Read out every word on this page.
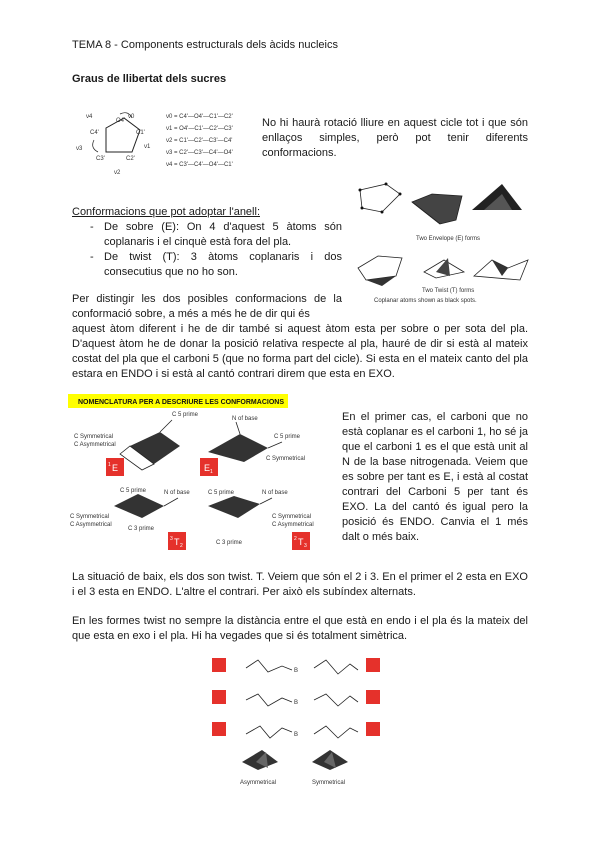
TEMA 8 - Components estructurals dels àcids nucleics
Graus de llibertat dels sucres
ν4	ν0
O4'
C4'	C1'
ν3	ν1
C3'	C2'
ν2
ν0 = C4'—O4'—C1'—C2'
ν1 = O4'—C1'—C2'—C3'
ν2 = C1'—C2'—C3'—C4'
ν3 = C2'—C3'—C4'—O4'
ν4 = C3'—C4'—O4'—C1'
No hi haurà rotació lliure en aquest cicle tot i que són enllaços simples, però pot tenir diferents conformacions.
Conformacions que pot adoptar l'anell:
- De sobre (E): On 4 d'aquest 5 àtoms són coplanaris i el cinquè està fora del pla.
- De twist (T): 3 àtoms coplanaris i dos consecutius que no ho son.
Two Envelope (E) forms
Two Twist (T) forms
Coplanar atoms shown as black spots.
Per distingir les dos posibles conformacions de la conformació sobre, a més a més he de dir qui és
aquest àtom diferent i he de dir també si aquest àtom esta per sobre o per sota del pla. D'aquest àtom he de donar la posició relativa respecte al pla, hauré de dir si està al mateix costat del pla que el carboni 5 (que no forma part del cicle). Si esta en el mateix canto del pla estara en ENDO i si està al cantó contrari direm que esta en EXO.
NOMENCLATURA PER A DESCRIURE LES CONFORMACIONS
C 5 prime
C Symmetrical
C Asymmetrical
N of base
C 5 prime
C Symmetrical
C 5 prime	N of base
C 3 prime
C Symmetrical
C Asymmetrical
C 5 prime	N of base
C 3 prime
C Symmetrical
C Asymmetrical
1 E	E 1
3 T 2
2 T 3
En el primer cas, el carboni que no està coplanar es el carboni 1, ho sé ja que el carboni 1 es el que està unit al N de la base nitrogenada. Veiem que es sobre per tant es E, i està al costat contrari del Carboni 5 per tant és EXO. La del cantó és igual pero la posició és ENDO. Canvia el 1 més dalt o més baix.
La situació de baix, els dos son twist. T. Veiem que són el 2 i 3. En el primer el 2 esta en EXO i el 3 esta en ENDO. L'altre el contrari. Per això els subíndex alternats.
En les formes twist no sempre la distància entre el que està en endo i el pla és la mateix del que esta en exo i el pla. Hi ha vegades que si és totalment simètrica.
B
B
B
Asymmetrical	Symmetrical
